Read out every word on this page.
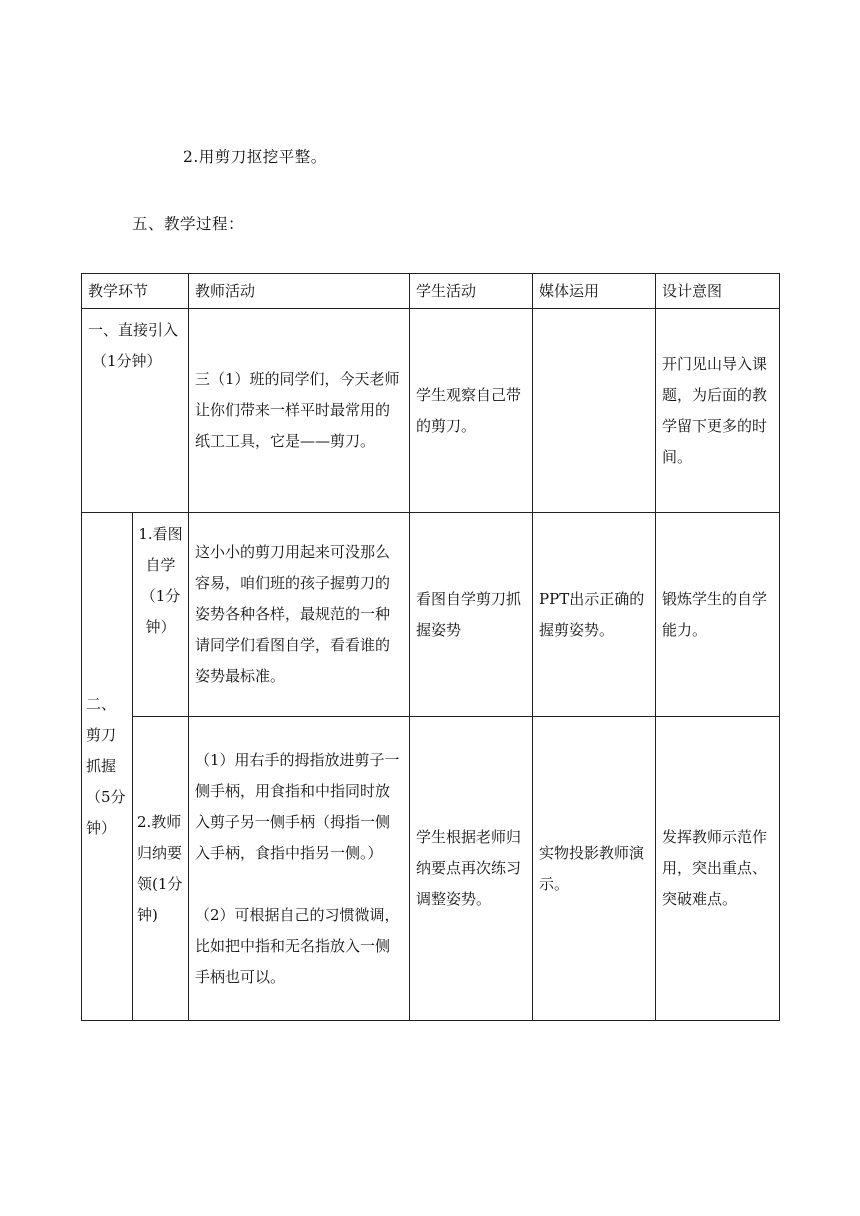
2.用剪刀抠挖平整。
五、教学过程：
教学环节		教师活动	学生活动	媒体运用	设计意图

一、直接引入
（1分钟）		三（1）班的同学们，今天老师让你们带来一样平时最常用的纸工工具，它是——剪刀。	学生观察自己带的剪刀。		开门见山导入课题，为后面的教学留下更多的时间。
二、剪刀抓握（5分钟）	1.看图自学（1分钟）	这小小的剪刀用起来可没那么容易，咱们班的孩子握剪刀的姿势各种各样，最规范的一种请同学们看图自学，看看谁的姿势最标准。	看图自学剪刀抓握姿势	PPT出示正确的握剪姿势。	锻炼学生的自学能力。
	2.教师归纳要领(1分钟)	（1）用右手的拇指放进剪子一侧手柄，用食指和中指同时放入剪子另一侧手柄（拇指一侧入手柄，食指中指另一侧。）
（2）可根据自己的习惯微调，比如把中指和无名指放入一侧手柄也可以。	学生根据老师归纳要点再次练习调整姿势。	实物投影教师演示。	发挥教师示范作用，突出重点、突破难点。
